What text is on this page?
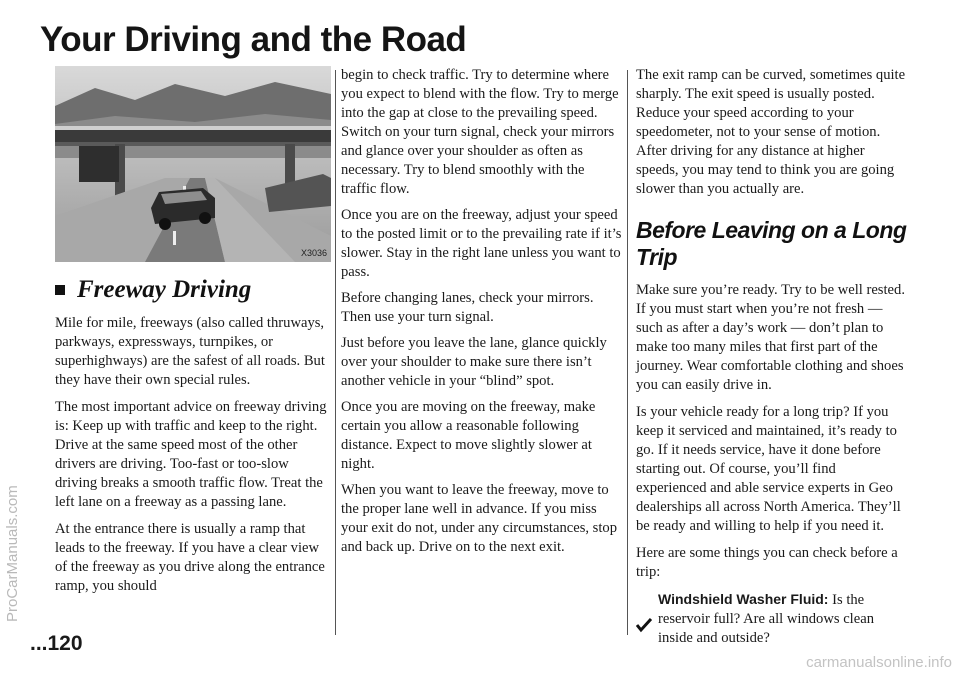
Your Driving and the Road
ProCarManuals.com
X3036
Freeway Driving

Mile for mile, freeways (also called thruways, parkways, expressways, turnpikes, or superhighways) are the safest of all roads. But they have their own special rules.

The most important advice on freeway driving is: Keep up with traffic and keep to the right. Drive at the same speed most of the other drivers are driving. Too-fast or too-slow driving breaks a smooth traffic flow. Treat the left lane on a freeway as a passing lane.

At the entrance there is usually a ramp that leads to the freeway. If you have a clear view of the freeway as you drive along the entrance ramp, you should

begin to check traffic. Try to determine where you expect to blend with the flow. Try to merge into the gap at close to the prevailing speed. Switch on your turn signal, check your mirrors and glance over your shoulder as often as necessary. Try to blend smoothly with the traffic flow.

Once you are on the freeway, adjust your speed to the posted limit or to the prevailing rate if it’s slower. Stay in the right lane unless you want to pass.

Before changing lanes, check your mirrors. Then use your turn signal.

Just before you leave the lane, glance quickly over your shoulder to make sure there isn’t another vehicle in your “blind” spot.

Once you are moving on the freeway, make certain you allow a reasonable following distance. Expect to move slightly slower at night.

When you want to leave the freeway, move to the proper lane well in advance. If you miss your exit do not, under any circumstances, stop and back up. Drive on to the next exit.

The exit ramp can be curved, sometimes quite sharply. The exit speed is usually posted. Reduce your speed according to your speedometer, not to your sense of motion. After driving for any distance at higher speeds, you may tend to think you are going slower than you actually are.

Before Leaving on a Long Trip

Make sure you’re ready. Try to be well rested. If you must start when you’re not fresh — such as after a day’s work — don’t plan to make too many miles that first part of the journey. Wear comfortable clothing and shoes you can easily drive in.

Is your vehicle ready for a long trip? If you keep it serviced and maintained, it’s ready to go. If it needs service, have it done before starting out. Of course, you’ll find experienced and able service experts in Geo dealerships all across North America. They’ll be ready and willing to help if you need it.

Here are some things you can check before a trip:

Windshield Washer Fluid: Is the reservoir full? Are all windows clean inside and outside?

...120
carmanualsonline.info
